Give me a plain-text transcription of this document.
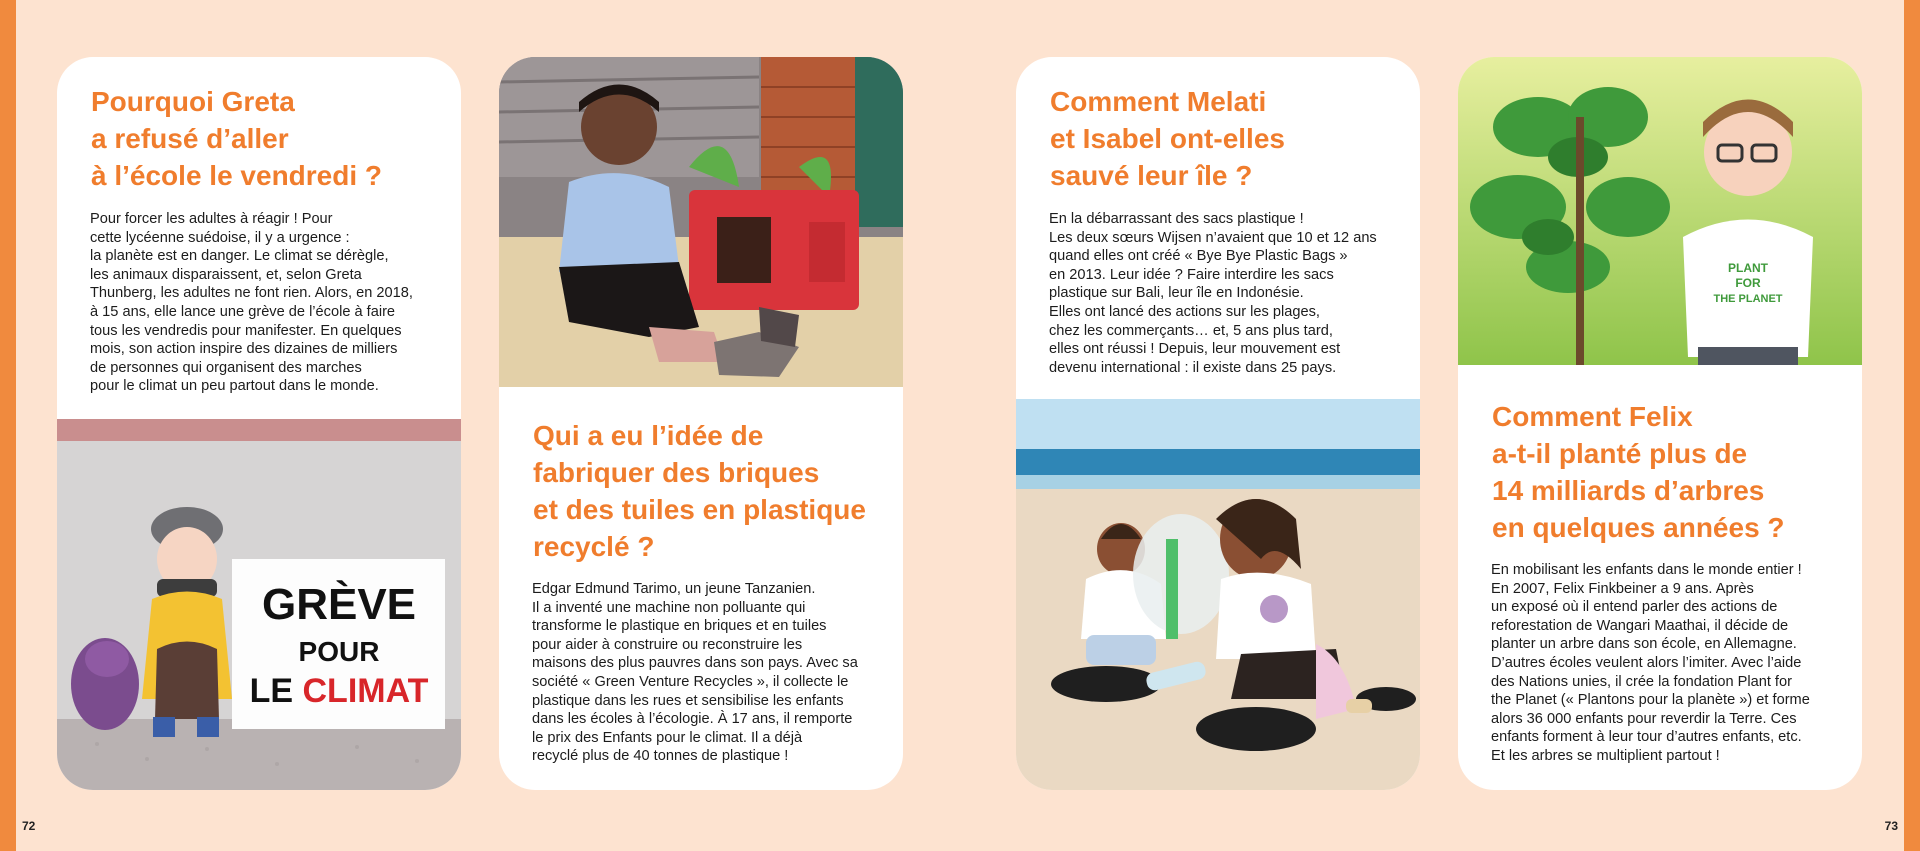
Pourquoi Greta
a refusé d’aller
à l’école le vendredi ?

Pour forcer les adultes à réagir ! Pour
cette lycéenne suédoise, il y a urgence :
la planète est en danger. Le climat se dérègle,
les animaux disparaissent, et, selon Greta
Thunberg, les adultes ne font rien. Alors, en 2018,
à 15 ans, elle lance une grève de l’école à faire
tous les vendredis pour manifester. En quelques
mois, son action inspire des dizaines de milliers
de personnes qui organisent des marches
pour le climat un peu partout dans le monde.

GRÈVE
POUR
LE CLIMAT
Qui a eu l’idée de
fabriquer des briques
et des tuiles en plastique
recyclé ?

Edgar Edmund Tarimo, un jeune Tanzanien.
Il a inventé une machine non polluante qui
transforme le plastique en briques et en tuiles
pour aider à construire ou reconstruire les
maisons des plus pauvres dans son pays. Avec sa
société « Green Venture Recycles », il collecte le
plastique dans les rues et sensibilise les enfants
dans les écoles à l’écologie. À 17 ans, il remporte
le prix des Enfants pour le climat. Il a déjà
recyclé plus de 40 tonnes de plastique !

Comment Melati
et Isabel ont-elles
sauvé leur île ?

En la débarrassant des sacs plastique !
Les deux sœurs Wijsen n’avaient que 10 et 12 ans
quand elles ont créé « Bye Bye Plastic Bags »
en 2013. Leur idée ? Faire interdire les sacs
plastique sur Bali, leur île en Indonésie.
Elles ont lancé des actions sur les plages,
chez les commerçants… et, 5 ans plus tard,
elles ont réussi ! Depuis, leur mouvement est
devenu international : il existe dans 25 pays.

PLANT
FOR
THE PLANET
Comment Felix
a-t-il planté plus de
14 milliards d’arbres
en quelques années ?

En mobilisant les enfants dans le monde entier !
En 2007, Felix Finkbeiner a 9 ans. Après
un exposé où il entend parler des actions de
reforestation de Wangari Maathai, il décide de
planter un arbre dans son école, en Allemagne.
D’autres écoles veulent alors l’imiter. Avec l’aide
des Nations unies, il crée la fondation Plant for
the Planet (« Plantons pour la planète ») et forme
alors 36 000 enfants pour reverdir la Terre. Ces
enfants forment à leur tour d’autres enfants, etc.
Et les arbres se multiplient partout !

72	73
